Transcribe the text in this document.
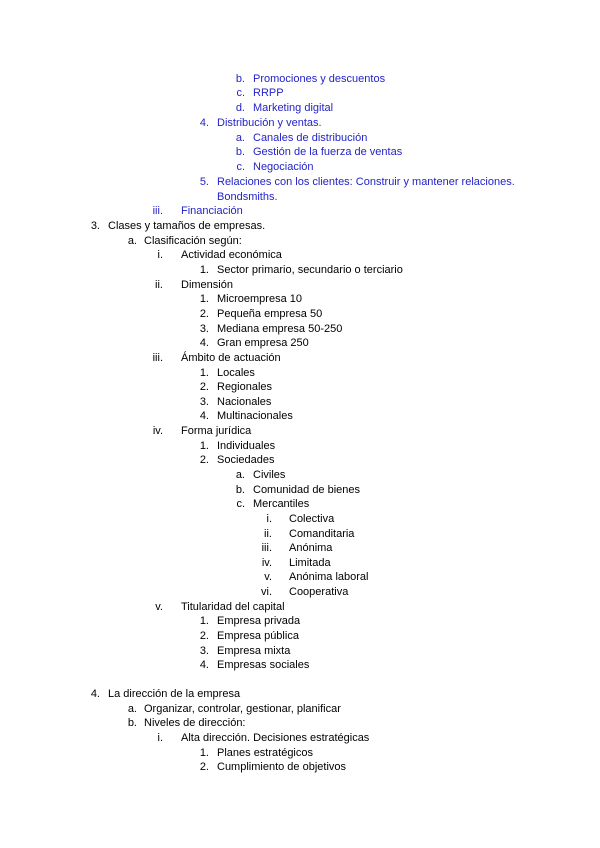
b. Promociones y descuentos
c. RRPP
d. Marketing digital
4. Distribución y ventas.
a. Canales de distribución
b. Gestión de la fuerza de ventas
c. Negociación
5. Relaciones con los clientes: Construir y mantener relaciones.
Bondsmiths.
iii. Financiación
3. Clases y tamaños de empresas.
a. Clasificación según:
i. Actividad económica
1. Sector primario, secundario o terciario
ii. Dimensión
1. Microempresa 10
2. Pequeña empresa 50
3. Mediana empresa 50-250
4. Gran empresa 250
iii. Ámbito de actuación
1. Locales
2. Regionales
3. Nacionales
4. Multinacionales
iv. Forma jurídica
1. Individuales
2. Sociedades
a. Civiles
b. Comunidad de bienes
c. Mercantiles
i. Colectiva
ii. Comanditaria
iii. Anónima
iv. Limitada
v. Anónima laboral
vi. Cooperativa
v. Titularidad del capital
1. Empresa privada
2. Empresa pública
3. Empresa mixta
4. Empresas sociales
4. La dirección de la empresa
a. Organizar, controlar, gestionar, planificar
b. Niveles de dirección:
i. Alta dirección. Decisiones estratégicas
1. Planes estratégicos
2. Cumplimiento de objetivos
